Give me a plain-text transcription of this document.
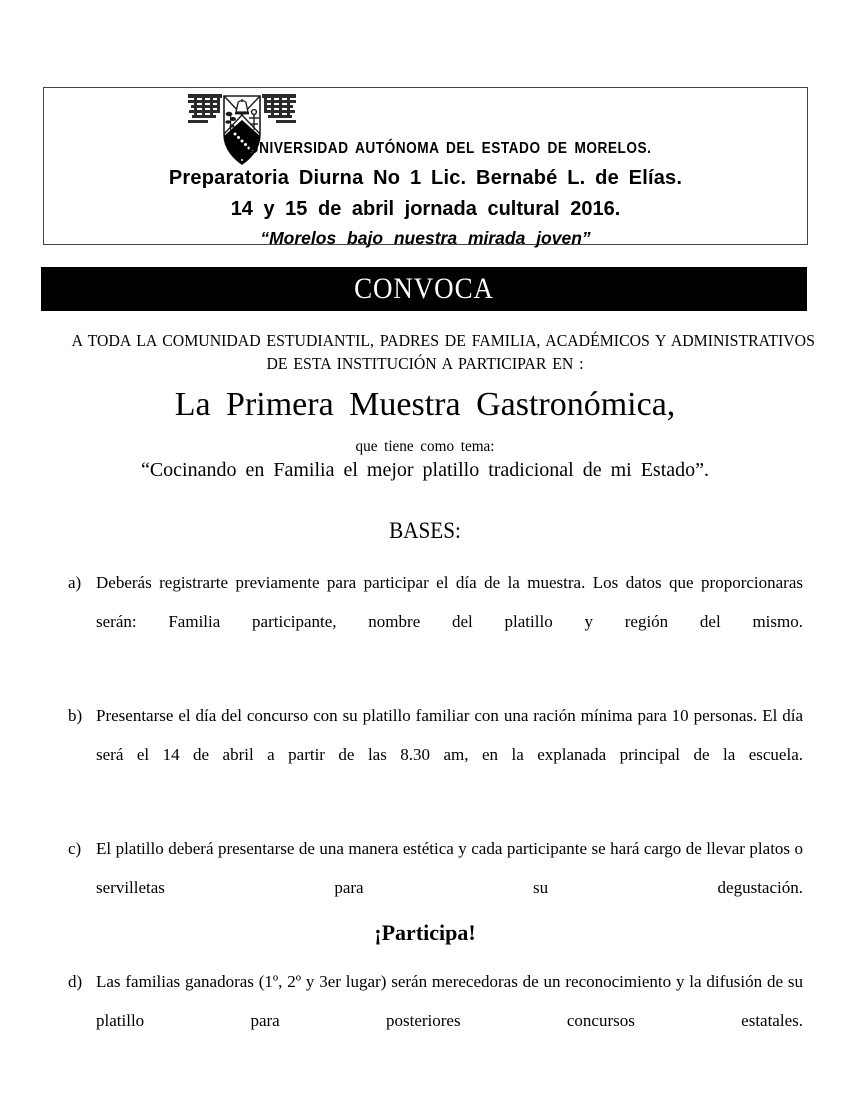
UNIVERSIDAD AUTÓNOMA DEL ESTADO DE MORELOS.
Preparatoria Diurna No 1 Lic. Bernabé L. de Elías.
14 y 15 de abril jornada cultural 2016.
“Morelos bajo nuestra mirada joven”
CONVOCA
A TODA LA COMUNIDAD ESTUDIANTIL, PADRES DE FAMILIA, ACADÉMICOS Y ADMINISTRATIVOS
DE ESTA INSTITUCIÓN A PARTICIPAR EN :
La Primera Muestra Gastronómica,
que tiene como tema:
“Cocinando en Familia el mejor platillo tradicional de mi Estado”.
BASES:
a) Deberás registrarte previamente para participar el día de la muestra. Los datos que proporcionaras serán: Familia participante, nombre del platillo y región del mismo.
b) Presentarse el día del concurso con su platillo familiar con una ración mínima para 10 personas. El día será el 14 de abril a partir de las 8.30 am, en la explanada principal de la escuela.
c) El platillo deberá presentarse de una manera estética y cada participante se hará cargo de llevar platos o servilletas para su degustación.
d) Las familias ganadoras (1º, 2º y 3er lugar) serán merecedoras de un reconocimiento y la difusión de su platillo para posteriores concursos estatales.
¡Participa!
